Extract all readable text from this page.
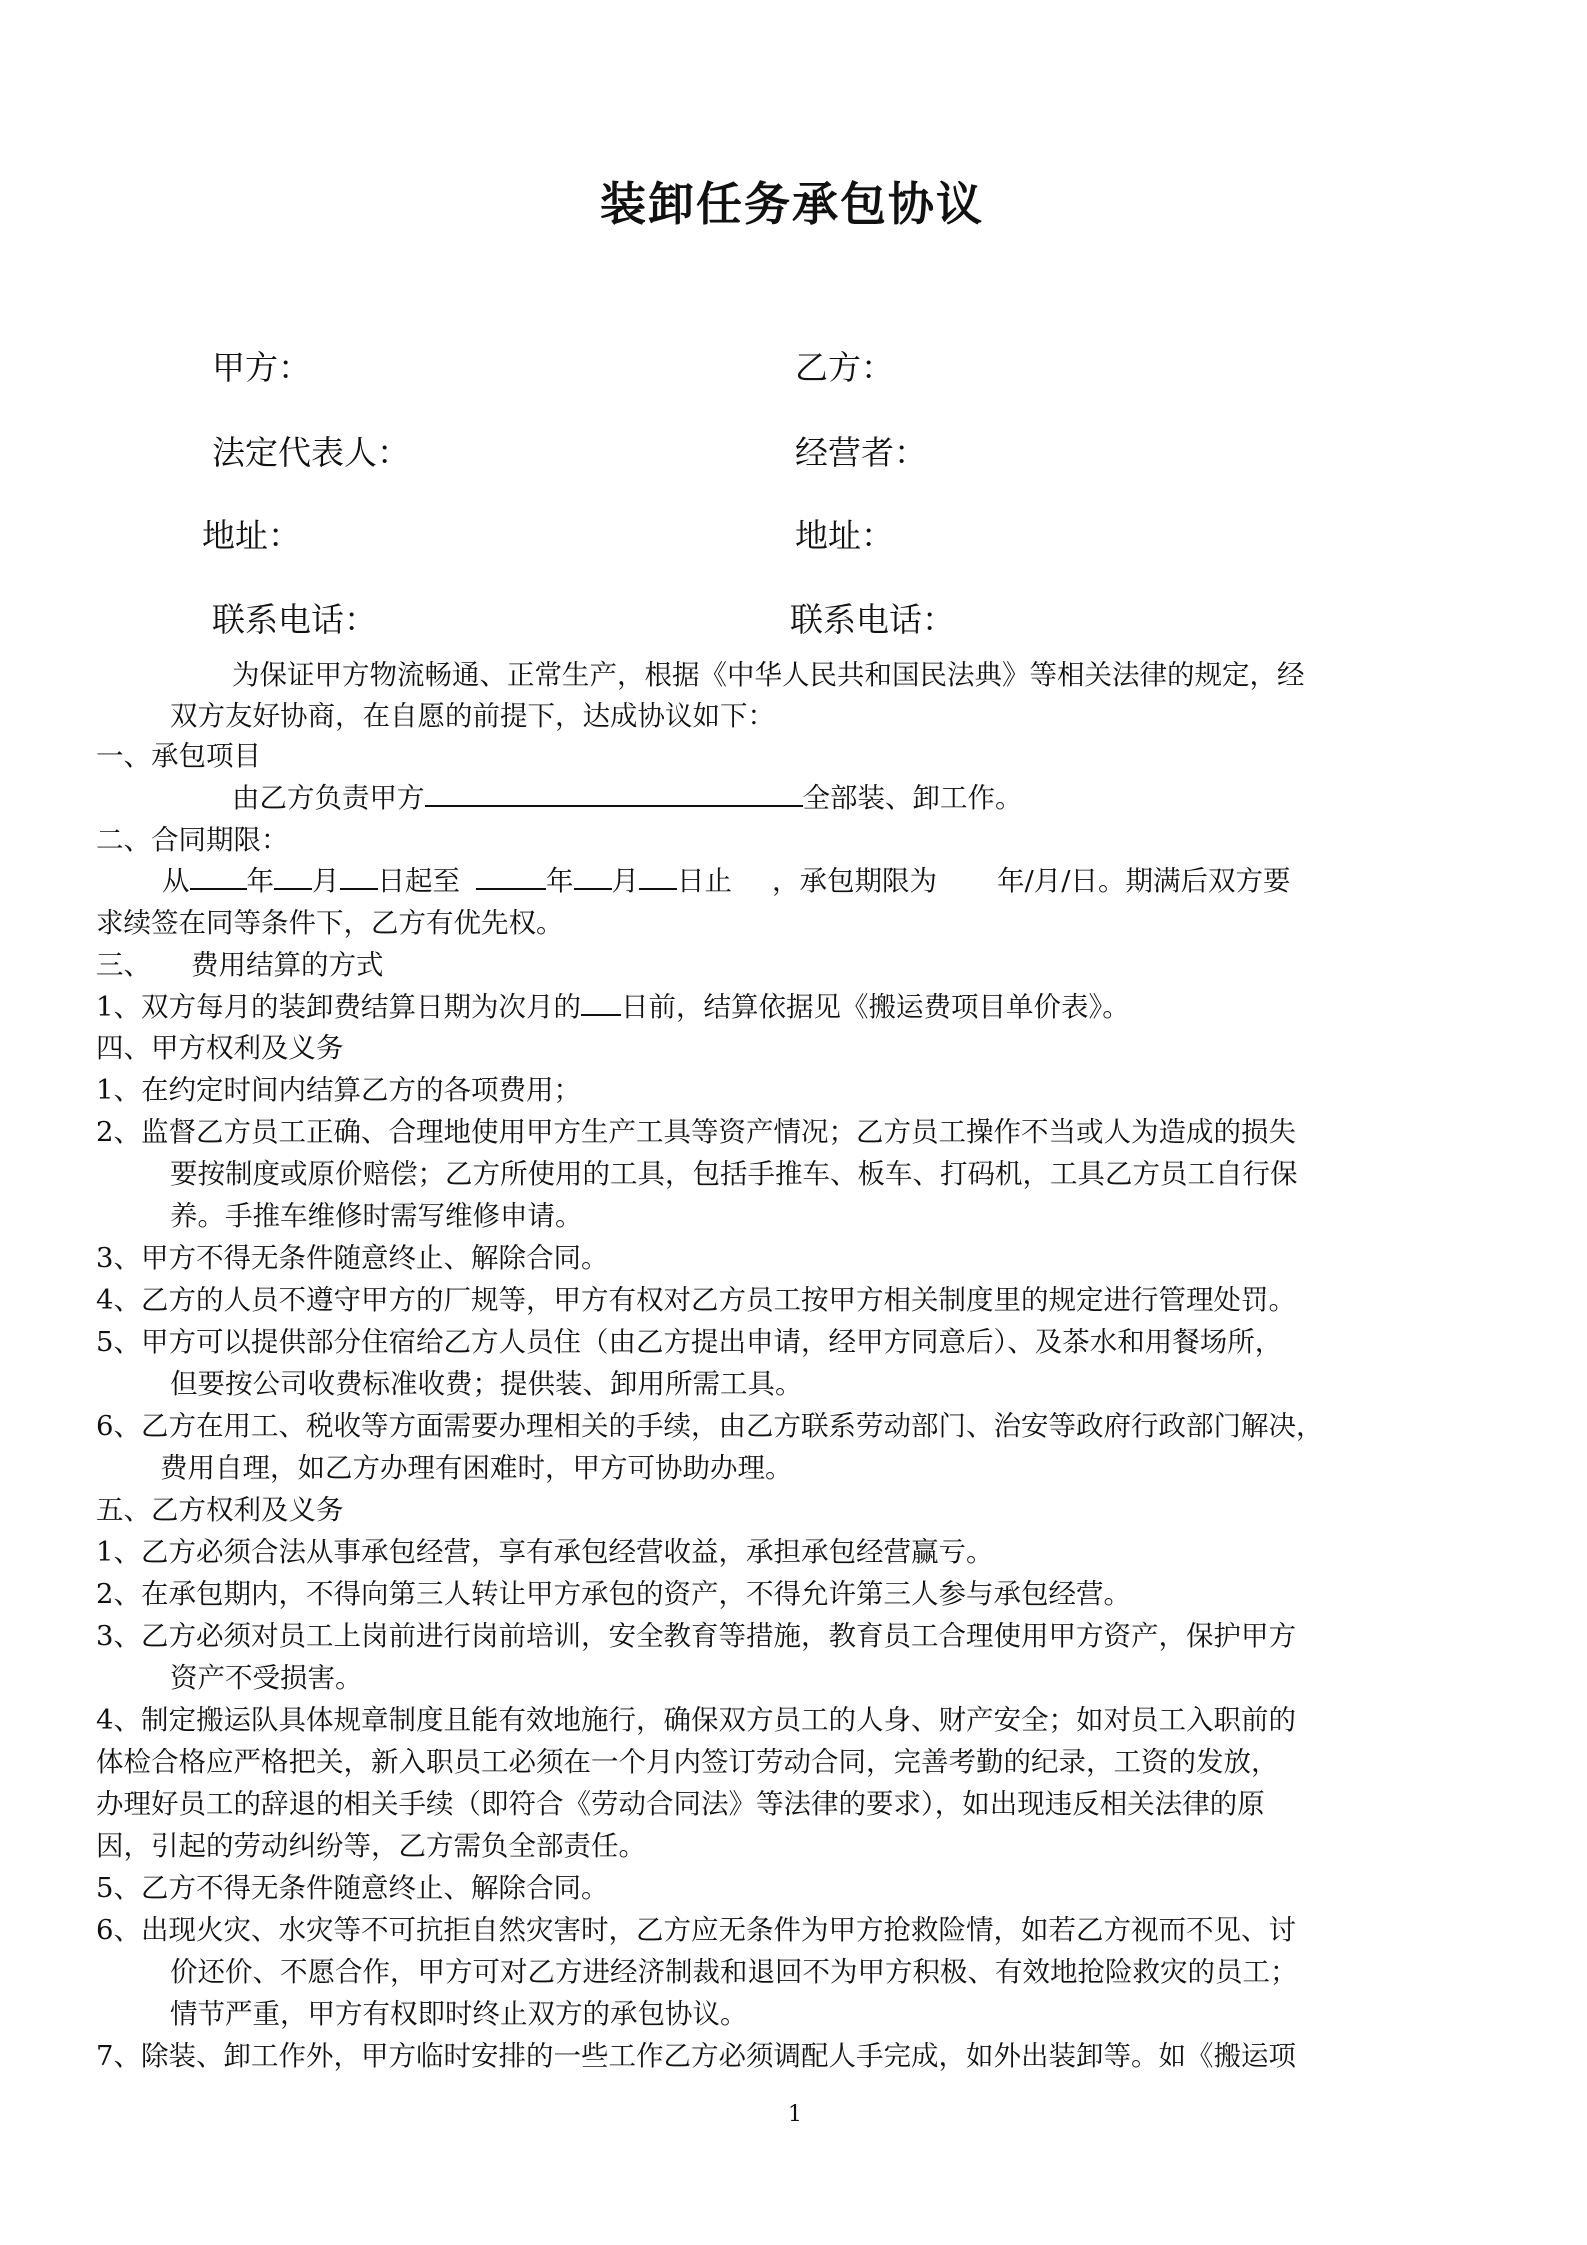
装卸任务承包协议
甲方：	乙方：
法定代表人：	经营者：
地址：	地址：
联系电话：	联系电话：
为保证甲方物流畅通、正常生产，根据《中华人民共和国民法典》等相关法律的规定，经
双方友好协商，在自愿的前提下，达成协议如下：
一、承包项目
由乙方负责甲方	全部装、卸工作。
二、合同期限：
从 年 月 日起至	年 月 日止 ，承包期限为 年/月/日。期满后双方要
求续签在同等条件下，乙方有优先权。
三、 费用结算的方式
1、双方每月的装卸费结算日期为次月的 日前，结算依据见《搬运费项目单价表》。
四、甲方权利及义务
1、在约定时间内结算乙方的各项费用；
2、监督乙方员工正确、合理地使用甲方生产工具等资产情况；乙方员工操作不当或人为造成的损失
要按制度或原价赔偿；乙方所使用的工具，包括手推车、板车、打码机，工具乙方员工自行保
养。手推车维修时需写维修申请。
3、甲方不得无条件随意终止、解除合同。
4、乙方的人员不遵守甲方的厂规等，甲方有权对乙方员工按甲方相关制度里的规定进行管理处罚。
5、甲方可以提供部分住宿给乙方人员住（由乙方提出申请，经甲方同意后）、及茶水和用餐场所，
但要按公司收费标准收费；提供装、卸用所需工具。
6、乙方在用工、税收等方面需要办理相关的手续，由乙方联系劳动部门、治安等政府行政部门解决，
费用自理，如乙方办理有困难时，甲方可协助办理。
五、乙方权利及义务
1、乙方必须合法从事承包经营，享有承包经营收益，承担承包经营赢亏。
2、在承包期内，不得向第三人转让甲方承包的资产，不得允许第三人参与承包经营。
3、乙方必须对员工上岗前进行岗前培训，安全教育等措施，教育员工合理使用甲方资产，保护甲方
资产不受损害。
4、制定搬运队具体规章制度且能有效地施行，确保双方员工的人身、财产安全；如对员工入职前的
体检合格应严格把关，新入职员工必须在一个月内签订劳动合同，完善考勤的纪录，工资的发放，
办理好员工的辞退的相关手续（即符合《劳动合同法》等法律的要求），如出现违反相关法律的原
因，引起的劳动纠纷等，乙方需负全部责任。
5、乙方不得无条件随意终止、解除合同。
6、出现火灾、水灾等不可抗拒自然灾害时，乙方应无条件为甲方抢救险情，如若乙方视而不见、讨
价还价、不愿合作，甲方可对乙方进经济制裁和退回不为甲方积极、有效地抢险救灾的员工；
情节严重，甲方有权即时终止双方的承包协议。
7、除装、卸工作外，甲方临时安排的一些工作乙方必须调配人手完成，如外出装卸等。如《搬运项
1
